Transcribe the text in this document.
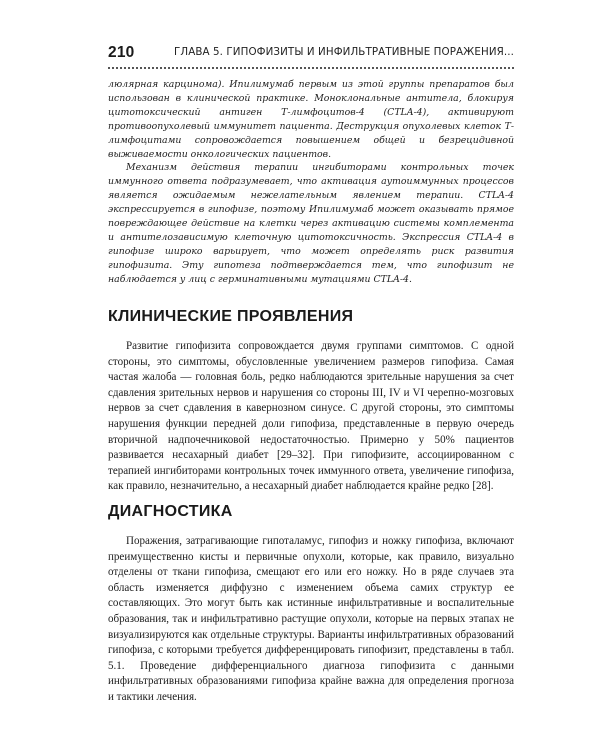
210	ГЛАВА 5. ГИПОФИЗИТЫ И ИНФИЛЬТРАТИВНЫЕ ПОРАЖЕНИЯ...

люлярная карцинома). Ипилимумаб первым из этой группы препаратов был использован в клинической практике. Моноклональные антитела, блокируя цитотоксический антиген Т-лимфоцитов-4 (CTLA-4), активируют противоопухолевый иммунитет пациента. Деструкция опухолевых клеток Т-лимфоцитами сопровождается повышением общей и безрецидивной выживаемости онкологических пациентов.

Механизм действия терапии ингибиторами контрольных точек иммунного ответа подразумевает, что активация аутоиммунных процессов является ожидаемым нежелательным явлением терапии. CTLA-4 экспрессируется в гипофизе, поэтому Ипилимумаб может оказывать прямое повреждающее действие на клетки через активацию системы комплемента и антителозависимую клеточную цитотоксичность. Экспрессия CTLA-4 в гипофизе широко варьирует, что может определять риск развития гипофизита. Эту гипотеза подтверждается тем, что гипофизит не наблюдается у лиц с герминативными мутациями CTLA-4.

КЛИНИЧЕСКИЕ ПРОЯВЛЕНИЯ

Развитие гипофизита сопровождается двумя группами симптомов. С одной стороны, это симптомы, обусловленные увеличением размеров гипофиза. Самая частая жалоба — головная боль, редко наблюдаются зрительные нарушения за счет сдавления зрительных нервов и нарушения со стороны III, IV и VI черепно-мозговых нервов за счет сдавления в кавернозном синусе. С другой стороны, это симптомы нарушения функции передней доли гипофиза, представленные в первую очередь вторичной надпочечниковой недостаточностью. Примерно у 50% пациентов развивается несахарный диабет [29–32]. При гипофизите, ассоциированном с терапией ингибиторами контрольных точек иммунного ответа, увеличение гипофиза, как правило, незначительно, а несахарный диабет наблюдается крайне редко [28].

ДИАГНОСТИКА

Поражения, затрагивающие гипоталамус, гипофиз и ножку гипофиза, включают преимущественно кисты и первичные опухоли, которые, как правило, визуально отделены от ткани гипофиза, смещают его или его ножку. Но в ряде случаев эта область изменяется диффузно с изменением объема самих структур ее составляющих. Это могут быть как истинные инфильтративные и воспалительные образования, так и инфильтративно растущие опухоли, которые на первых этапах не визуализируются как отдельные структуры. Варианты инфильтративных образований гипофиза, с которыми требуется дифференцировать гипофизит, представлены в табл. 5.1. Проведение дифференциального диагноза гипофизита с данными инфильтративных образованиями гипофиза крайне важна для определения прогноза и тактики лечения.
